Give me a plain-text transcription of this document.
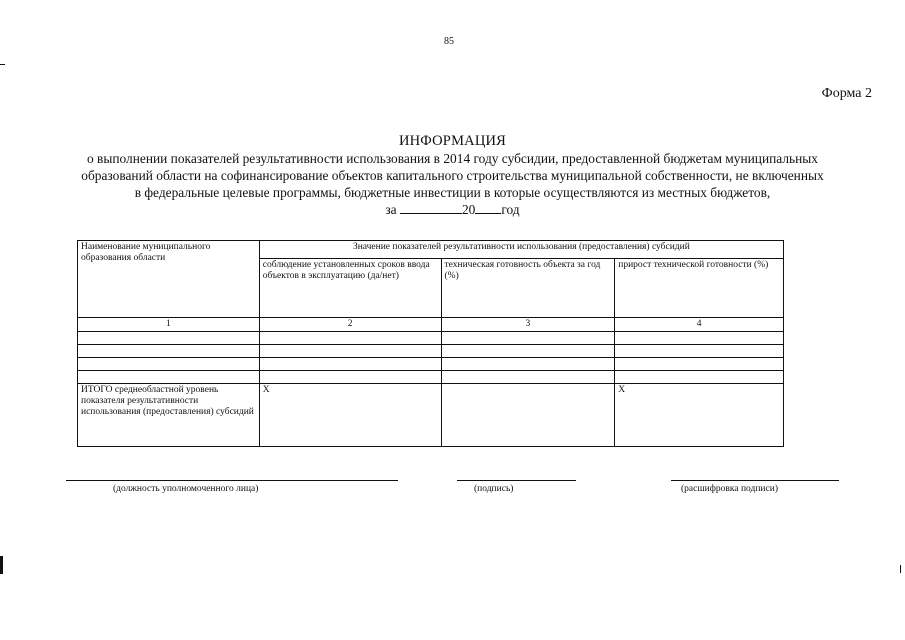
85
Форма 2
ИНФОРМАЦИЯ
о выполнении показателей результативности использования в 2014 году субсидии, предоставленной бюджетам муниципальных
образований области на софинансирование объектов капитального строительства муниципальной собственности, не включенных
в федеральные целевые программы, бюджетные инвестиции в которые осуществляются из местных бюджетов,
за	20 год
Наименование муниципального образования области	Значение показателей результативности использования (предоставления) субсидий		
	соблюдение установленных сроков ввода объектов в эксплуатацию (да/нет)	техническая готовность объекта за год (%)	прирост технической готовности (%)
1	2	3	4

ИТОГО среднеобластной уровень показателя результативности использования (предоставления) субсидий	Х		Х
(должность уполномоченного лица)	(подпись)	(расшифровка подписи)
